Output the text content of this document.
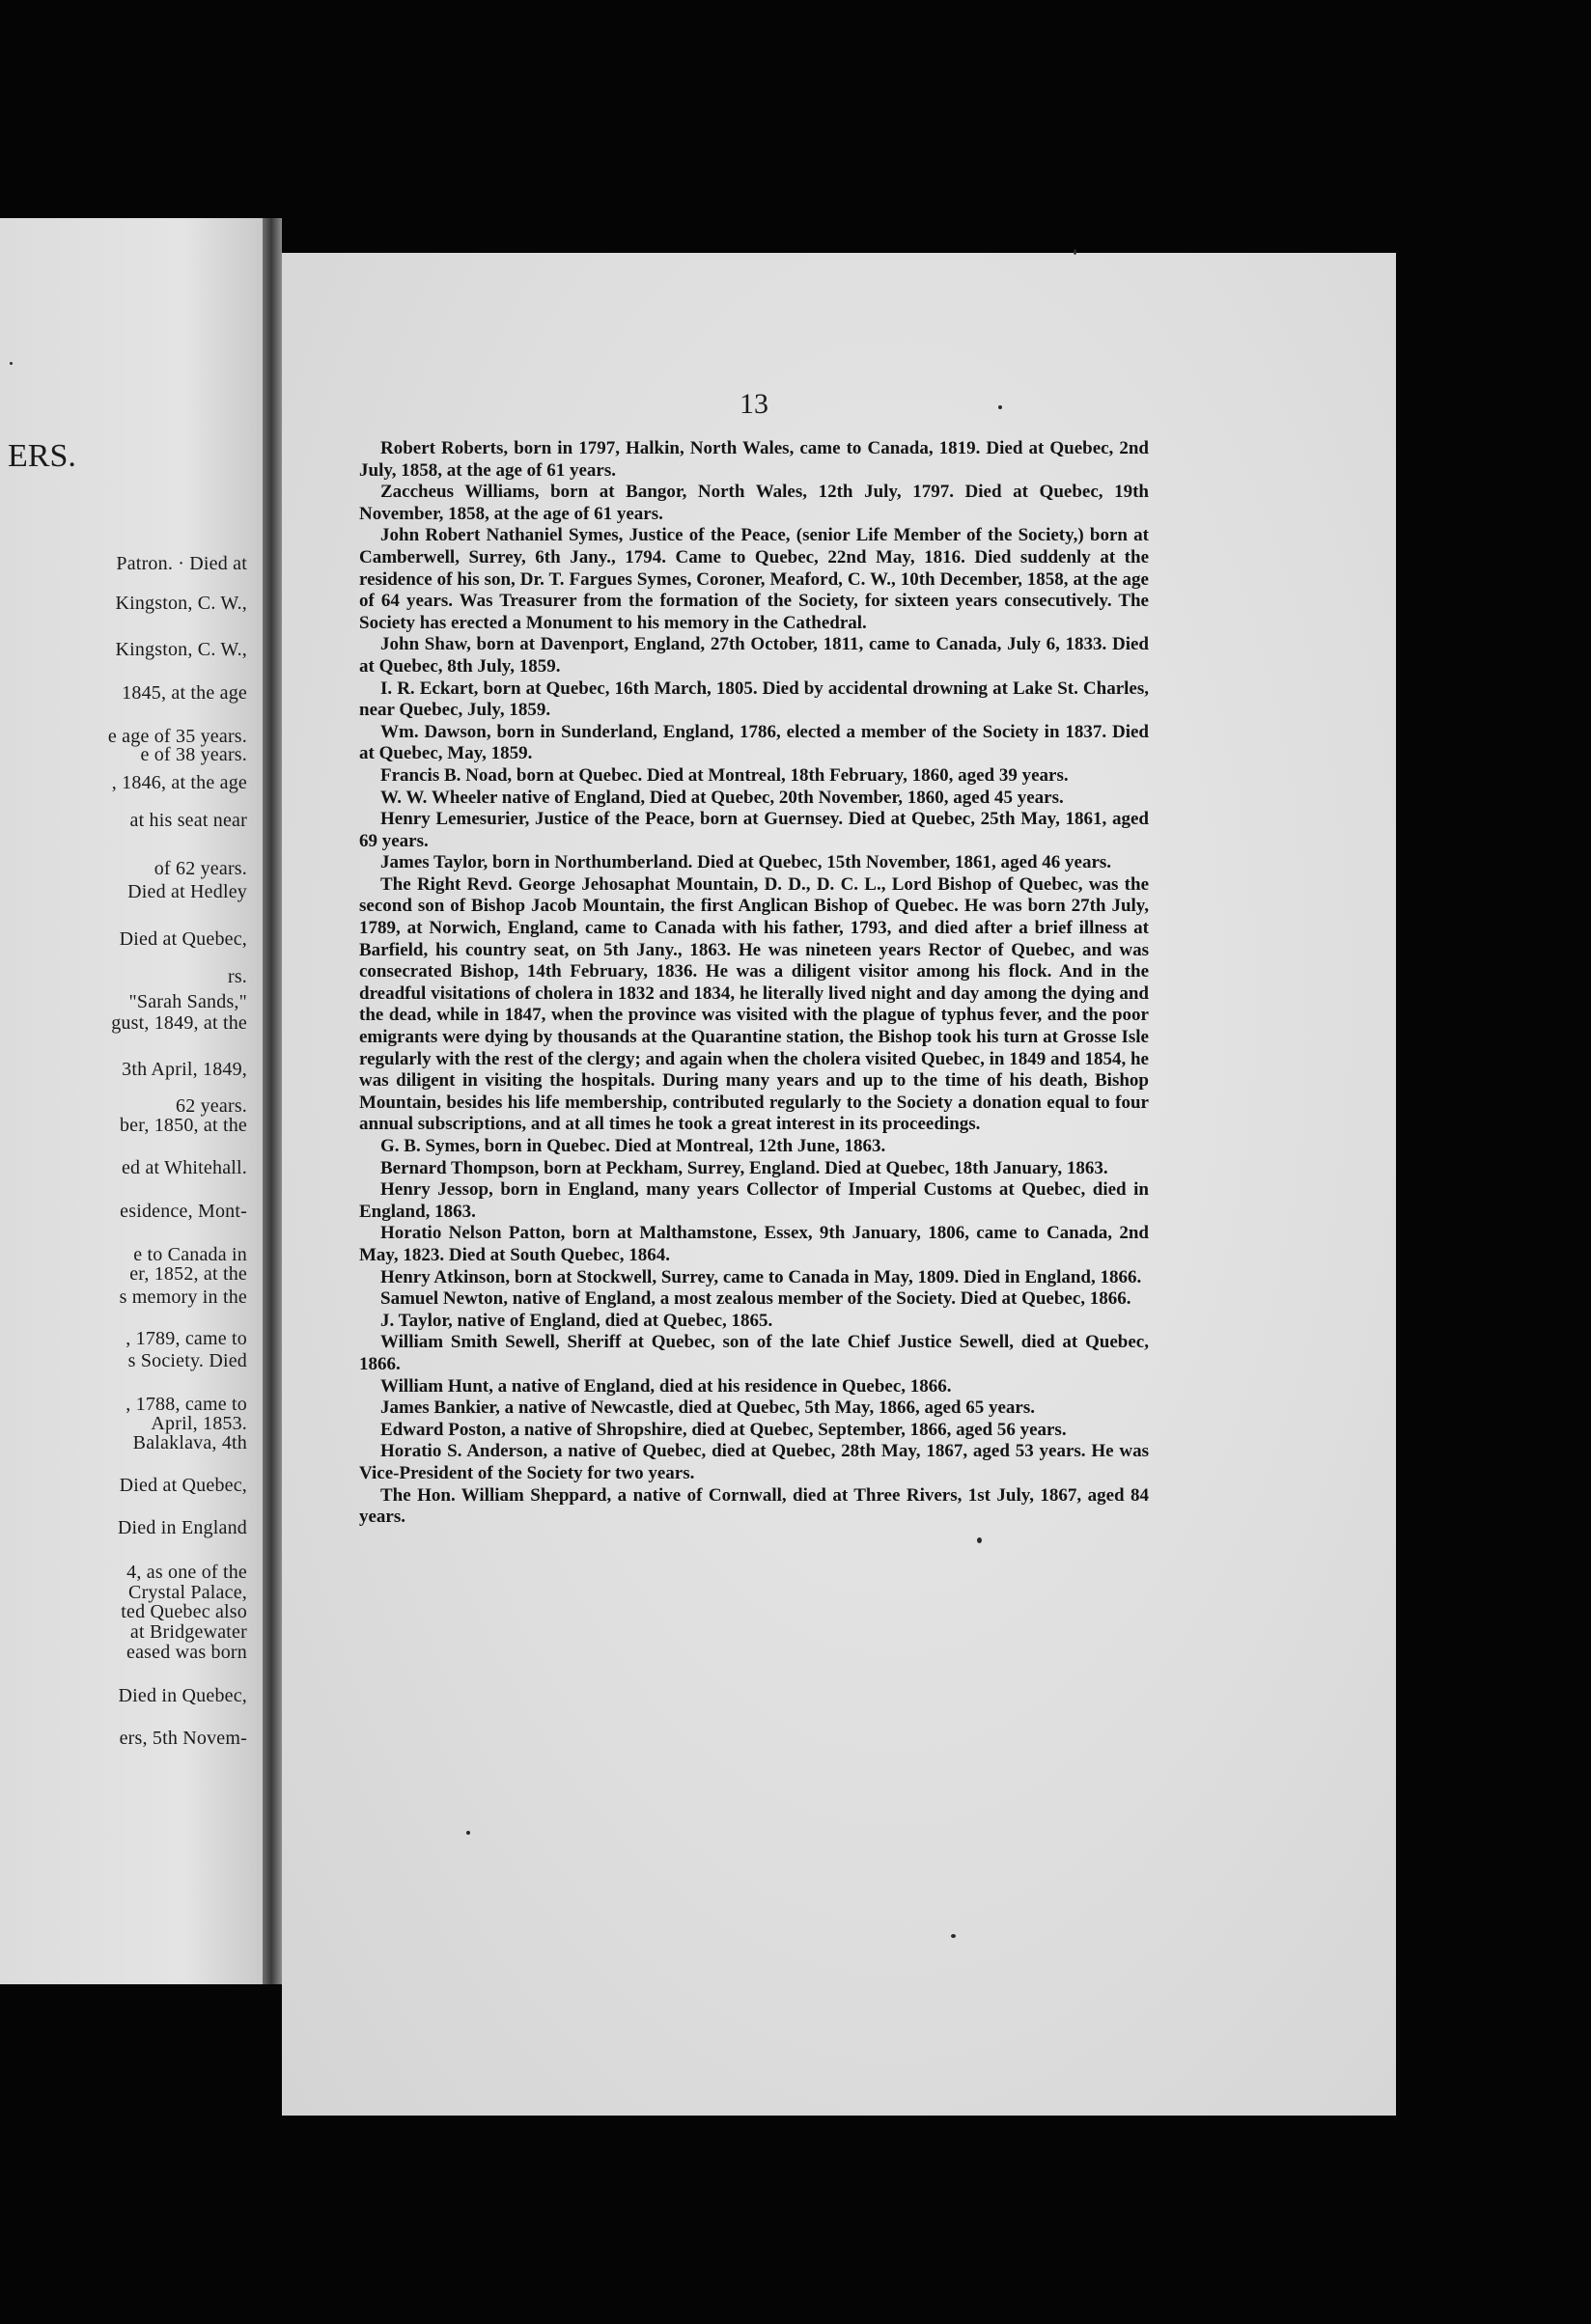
ERS.
Patron. · Died at
Kingston, C. W.,
Kingston, C. W.,
1845, at the age
e age of 35 years.
e of 38 years.
, 1846, at the age
at his seat near
of 62 years.
Died at Hedley
Died at Quebec,
rs.
"Sarah Sands,"
gust, 1849, at the
3th April, 1849,
62 years.
ber, 1850, at the
ed at Whitehall.
esidence, Mont-
e to Canada in
er, 1852, at the
s memory in the
, 1789, came to
s Society. Died
, 1788, came to
April, 1853.
Balaklava, 4th
Died at Quebec,
Died in England
4, as one of the
Crystal Palace,
ted Quebec also
at Bridgewater
eased was born
Died in Quebec,
ers, 5th Novem-
13

Robert Roberts, born in 1797, Halkin, North Wales, came to Canada, 1819. Died at Quebec, 2nd July, 1858, at the age of 61 years.

Zaccheus Williams, born at Bangor, North Wales, 12th July, 1797. Died at Quebec, 19th November, 1858, at the age of 61 years.

John Robert Nathaniel Symes, Justice of the Peace, (senior Life Member of the Society,) born at Camberwell, Surrey, 6th Jany., 1794. Came to Quebec, 22nd May, 1816. Died suddenly at the residence of his son, Dr. T. Fargues Symes, Coroner, Meaford, C. W., 10th December, 1858, at the age of 64 years. Was Treasurer from the formation of the Society, for sixteen years consecutively. The Society has erected a Monument to his memory in the Cathedral.

John Shaw, born at Davenport, England, 27th October, 1811, came to Canada, July 6, 1833. Died at Quebec, 8th July, 1859.

I. R. Eckart, born at Quebec, 16th March, 1805. Died by accidental drowning at Lake St. Charles, near Quebec, July, 1859.

Wm. Dawson, born in Sunderland, England, 1786, elected a member of the Society in 1837. Died at Quebec, May, 1859.

Francis B. Noad, born at Quebec. Died at Montreal, 18th February, 1860, aged 39 years.

W. W. Wheeler native of England, Died at Quebec, 20th November, 1860, aged 45 years.

Henry Lemesurier, Justice of the Peace, born at Guernsey. Died at Quebec, 25th May, 1861, aged 69 years.

James Taylor, born in Northumberland. Died at Quebec, 15th November, 1861, aged 46 years.

The Right Revd. George Jehosaphat Mountain, D. D., D. C. L., Lord Bishop of Quebec, was the second son of Bishop Jacob Mountain, the first Anglican Bishop of Quebec. He was born 27th July, 1789, at Norwich, England, came to Canada with his father, 1793, and died after a brief illness at Barfield, his country seat, on 5th Jany., 1863. He was nineteen years Rector of Quebec, and was consecrated Bishop, 14th February, 1836. He was a diligent visitor among his flock. And in the dreadful visitations of cholera in 1832 and 1834, he literally lived night and day among the dying and the dead, while in 1847, when the province was visited with the plague of typhus fever, and the poor emigrants were dying by thousands at the Quarantine station, the Bishop took his turn at Grosse Isle regularly with the rest of the clergy; and again when the cholera visited Quebec, in 1849 and 1854, he was diligent in visiting the hospitals. During many years and up to the time of his death, Bishop Mountain, besides his life membership, contributed regularly to the Society a donation equal to four annual subscriptions, and at all times he took a great interest in its proceedings.

G. B. Symes, born in Quebec. Died at Montreal, 12th June, 1863.

Bernard Thompson, born at Peckham, Surrey, England. Died at Quebec, 18th January, 1863.

Henry Jessop, born in England, many years Collector of Imperial Customs at Quebec, died in England, 1863.

Horatio Nelson Patton, born at Malthamstone, Essex, 9th January, 1806, came to Canada, 2nd May, 1823. Died at South Quebec, 1864.

Henry Atkinson, born at Stockwell, Surrey, came to Canada in May, 1809. Died in England, 1866.

Samuel Newton, native of England, a most zealous member of the Society. Died at Quebec, 1866.

J. Taylor, native of England, died at Quebec, 1865.

William Smith Sewell, Sheriff at Quebec, son of the late Chief Justice Sewell, died at Quebec, 1866.

William Hunt, a native of England, died at his residence in Quebec, 1866.

James Bankier, a native of Newcastle, died at Quebec, 5th May, 1866, aged 65 years.

Edward Poston, a native of Shropshire, died at Quebec, September, 1866, aged 56 years.

Horatio S. Anderson, a native of Quebec, died at Quebec, 28th May, 1867, aged 53 years. He was Vice-President of the Society for two years.

The Hon. William Sheppard, a native of Cornwall, died at Three Rivers, 1st July, 1867, aged 84 years.
